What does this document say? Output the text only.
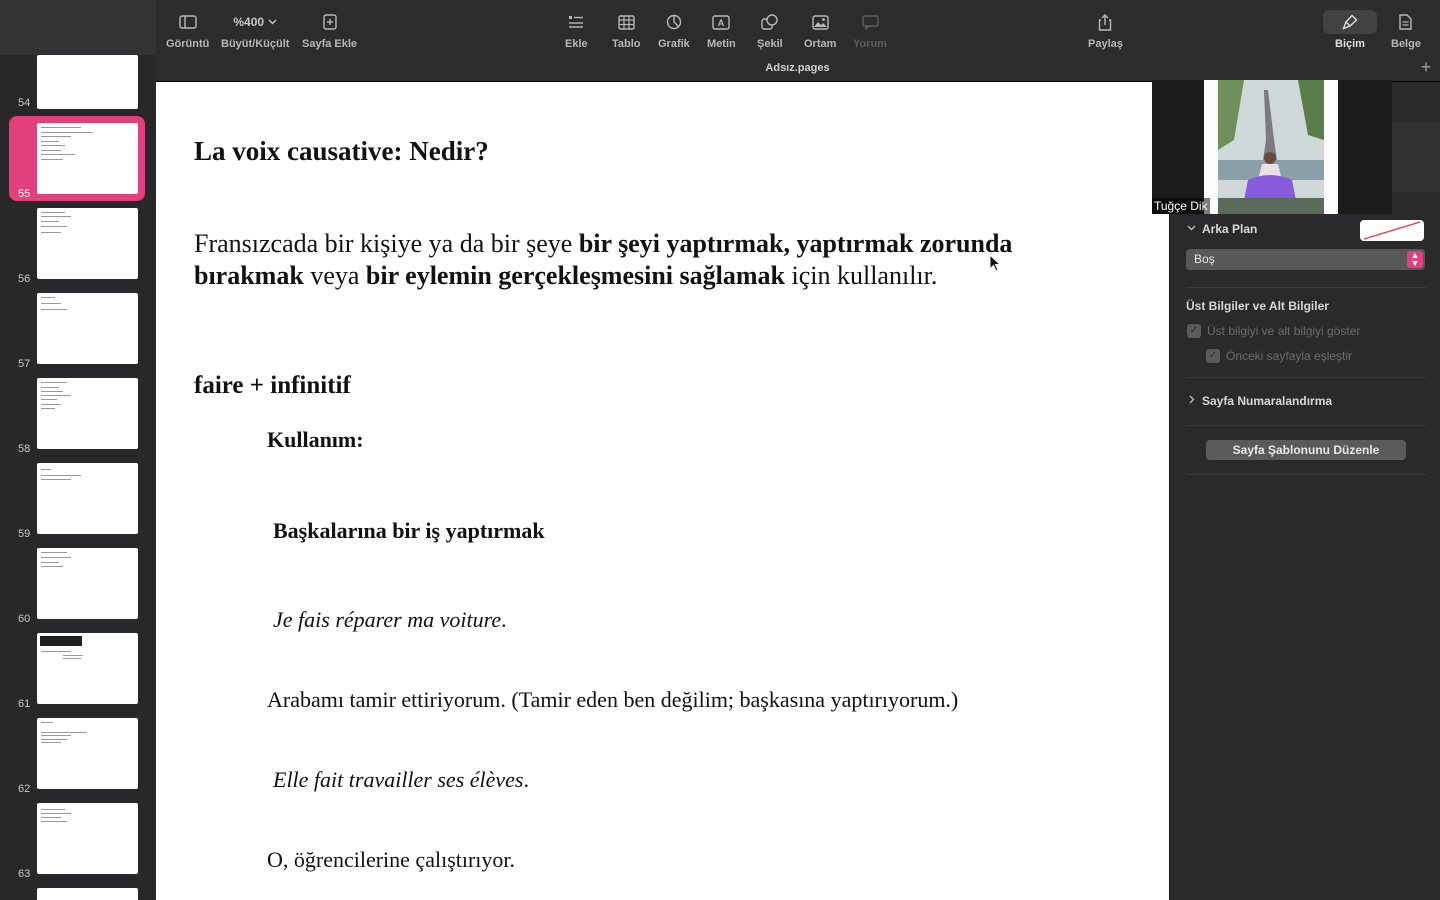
Görüntü
%400
Büyüt/Küçült Sayfa Ekle	Ekle Tablo Grafik
A
Metin Şekil Ortam Yorum	Paylaş	Biçim Belge
Adsız.pages	+
54
55
56
57
58
59
60
61
62
63
La voix causative: Nedir?
Fransızcada bir kişiye ya da bir şeye bir şeyi yaptırmak, yaptırmak zorunda
bırakmak veya bir eylemin gerçekleşmesini sağlamak için kullanılır.
faire + infinitif
Kullanım:
Başkalarına bir iş yaptırmak
Je fais réparer ma voiture.
Arabamı tamir ettiriyorum. (Tamir eden ben değilim; başkasına yaptırıyorum.)
Elle fait travailler ses élèves.
O, öğrencilerine çalıştırıyor.
Arka Plan
Boş	▲
▼
Üst Bilgiler ve Alt Bilgiler
✓ Üst bilgiyi ve alt bilgiyi göster
✓ Önceki sayfayla eşleştir
Sayfa Numaralandırma
Sayfa Şablonunu Düzenle
Tuğçe Dik
